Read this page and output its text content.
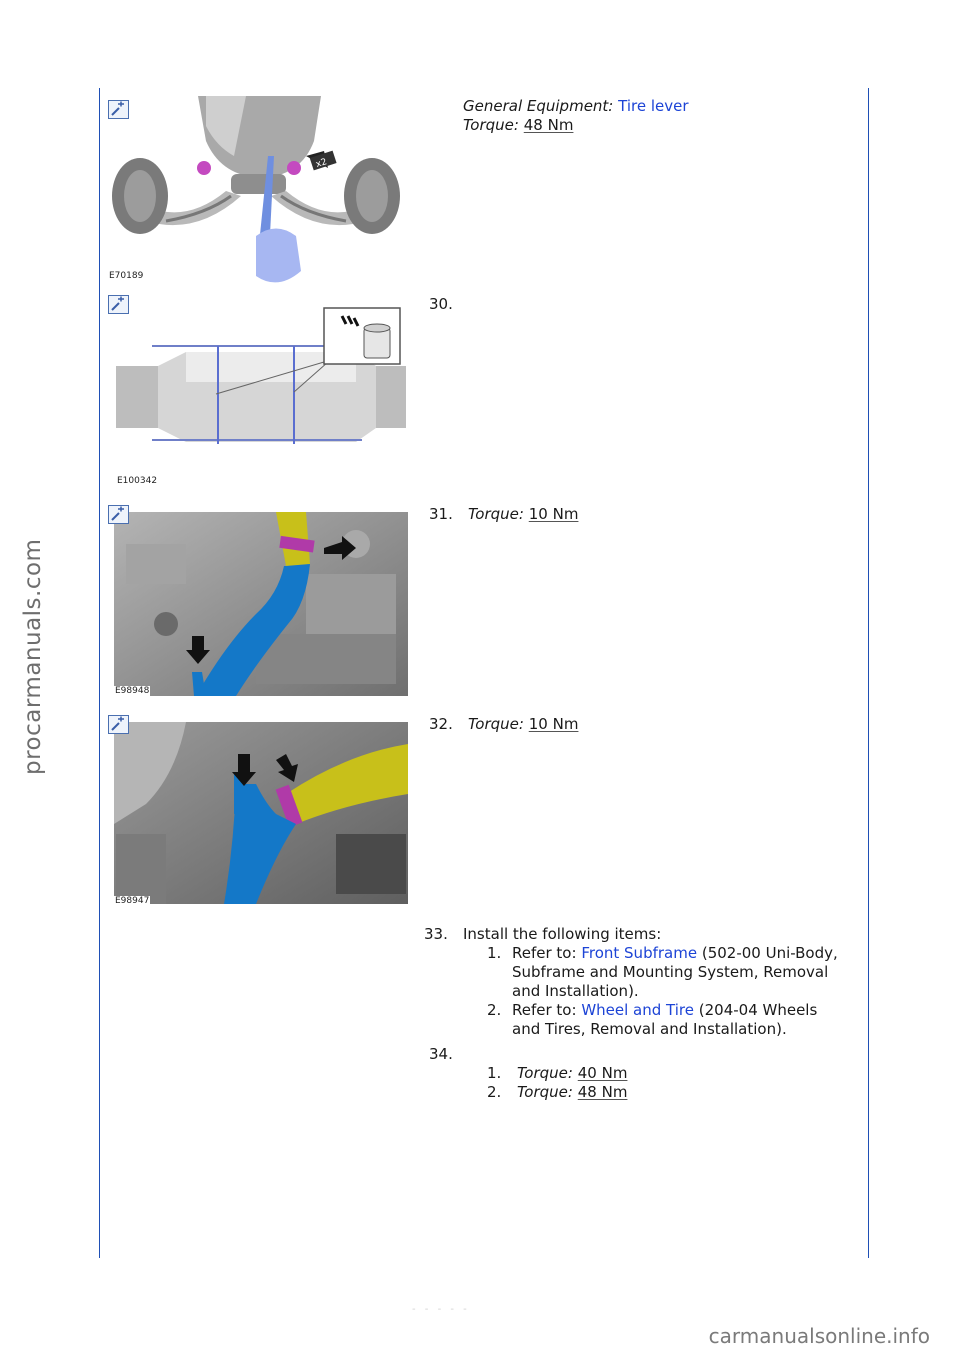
procarmanuals.com
carmanualsonline.info
- - - - -
x2
E70189
E100342
E98948
E98947
General Equipment: Tire lever
Torque: 48 Nm
30.
31. Torque: 10 Nm
32. Torque: 10 Nm
33. Install the following items:
1. Refer to: Front Subframe (502-00 Uni-Body,
Subframe and Mounting System, Removal
and Installation).
2. Refer to: Wheel and Tire (204-04 Wheels
and Tires, Removal and Installation).
34.
1. Torque: 40 Nm
2. Torque: 48 Nm
